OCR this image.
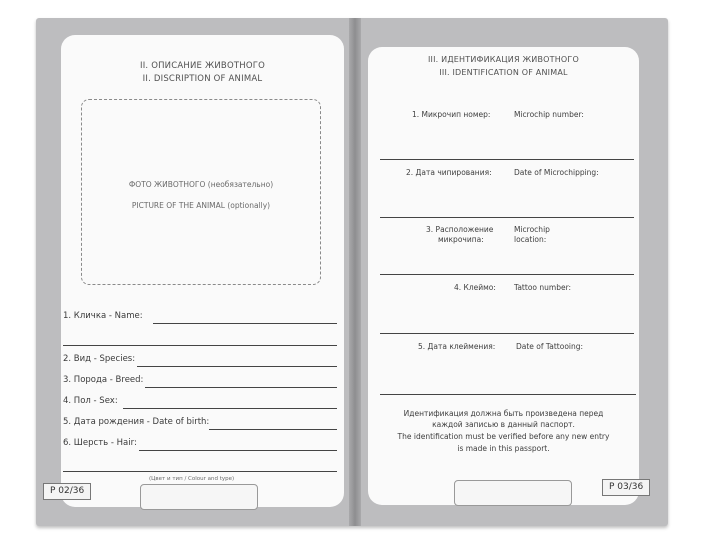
II. ОПИСАНИЕ ЖИВОТНОГО
II. DISCRIPTION OF ANIMAL
ФОТО ЖИВОТНОГО (необязательно)
PICTURE OF THE ANIMAL (optionally)
1. Кличка - Name:
2. Вид - Species:
3. Порода - Breed:
4. Пол - Sex:
5. Дата рождения - Date of birth:
6. Шерсть - Hair:
(Цвет и тип / Colour and type)
P 02/36
III. ИДЕНТИФИКАЦИЯ ЖИВОТНОГО
III. IDENTIFICATION OF ANIMAL
1. Микрочип номер:	Microchip number:
2. Дата чипирования:	Date of Microchipping:
3. Расположение
микрочипа:
Microchip
location:
4. Клеймо: Tattoo number:
5. Дата клеймения:	Date of Tattooing:
Идентификация должна быть произведена перед
каждой записью в данный паспорт.
The identification must be verified before any new entry
is made in this passport.
P 03/36
